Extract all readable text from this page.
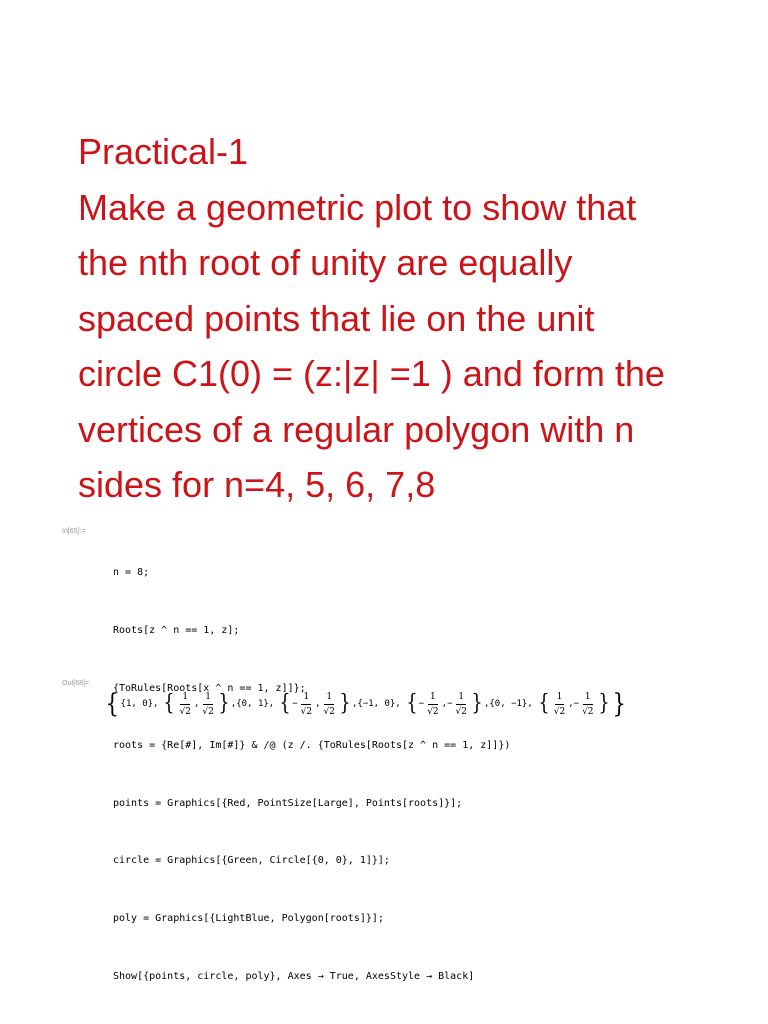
Practical-1
Make a geometric plot to show that
the nth root of unity are equally
spaced points that lie on the unit
circle C1(0) = (z:|z| =1 ) and form the
vertices of a regular polygon with n
sides for n=4, 5, 6, 7,8
In[65]:=

n = 8;

Roots[z ^ n == 1, z];

{ToRules[Roots[x ^ n == 1, z]]};

roots = {Re[#], Im[#]} & /@ (z /. {ToRules[Roots[z ^ n == 1, z]]})

points = Graphics[{Red, PointSize[Large], Points[roots]}];

circle = Graphics[{Green, Circle[{0, 0}, 1]}];

poly = Graphics[{LightBlue, Polygon[roots]}];

Show[{points, circle, poly}, Axes → True, AxesStyle → Black]

Out[68]=
{ {1, 0}, { $\frac{1}{√2}$ , $\frac{1}{√2}$ } , {0, 1}, { − $\frac{1}{√2}$ , $\frac{1}{√2}$ } , {−1, 0}, { − $\frac{1}{√2}$ , − $\frac{1}{√2}$ } , {0, −1}, { $\frac{1}{√2}$ , − $\frac{1}{√2}$ } }
